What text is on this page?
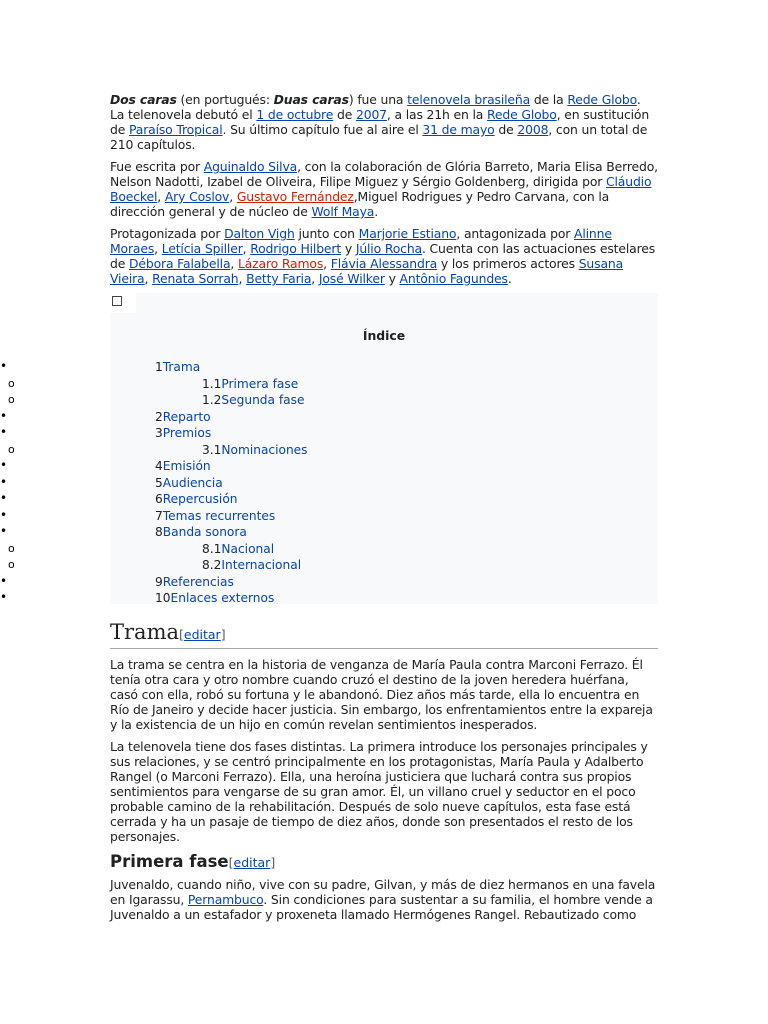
Dos caras (en portugués: Duas caras) fue una telenovela brasileña de la Rede Globo. La telenovela debutó el 1 de octubre de 2007, a las 21h en la Rede Globo, en sustitución de Paraíso Tropical. Su último capítulo fue al aire el 31 de mayo de 2008, con un total de 210 capítulos.

Fue escrita por Aguinaldo Silva, con la colaboración de Glória Barreto, Maria Elisa Berredo, Nelson Nadotti, Izabel de Oliveira, Filipe Miguez y Sérgio Goldenberg, dirigida por Cláudio Boeckel, Ary Coslov, Gustavo Fernández,Miguel Rodrigues y Pedro Carvana, con la dirección general y de núcleo de Wolf Maya.

Protagonizada por Dalton Vigh junto con Marjorie Estiano, antagonizada por Alinne Moraes, Letícia Spiller, Rodrigo Hilbert y Júlio Rocha. Cuenta con las actuaciones estelares de Débora Falabella, Lázaro Ramos, Flávia Alessandra y los primeros actores Susana Vieira, Renata Sorrah, Betty Faria, José Wilker y Antônio Fagundes.

Índice
•	1Trama
o	1.1Primera fase
o	1.2Segunda fase
•	2Reparto
•	3Premios
o	3.1Nominaciones
•	4Emisión
•	5Audiencia
•	6Repercusión
•	7Temas recurrentes
•	8Banda sonora
o	8.1Nacional
o	8.2Internacional
•	9Referencias
•	10Enlaces externos
Trama[editar]

La trama se centra en la historia de venganza de María Paula contra Marconi Ferrazo. Él tenía otra cara y otro nombre cuando cruzó el destino de la joven heredera huérfana, casó con ella, robó su fortuna y le abandonó. Diez años más tarde, ella lo encuentra en Río de Janeiro y decide hacer justicia. Sin embargo, los enfrentamientos entre la expareja y la existencia de un hijo en común revelan sentimientos inesperados.

La telenovela tiene dos fases distintas. La primera introduce los personajes principales y sus relaciones, y se centró principalmente en los protagonistas, María Paula y Adalberto Rangel (o Marconi Ferrazo). Ella, una heroína justiciera que luchará contra sus propios sentimientos para vengarse de su gran amor. Él, un villano cruel y seductor en el poco probable camino de la rehabilitación. Después de solo nueve capítulos, esta fase está cerrada y ha un pasaje de tiempo de diez años, donde son presentados el resto de los personajes.

Primera fase[editar]

Juvenaldo, cuando niño, vive con su padre, Gilvan, y más de diez hermanos en una favela en Igarassu, Pernambuco. Sin condiciones para sustentar a su familia, el hombre vende a Juvenaldo a un estafador y proxeneta llamado Hermógenes Rangel. Rebautizado como
